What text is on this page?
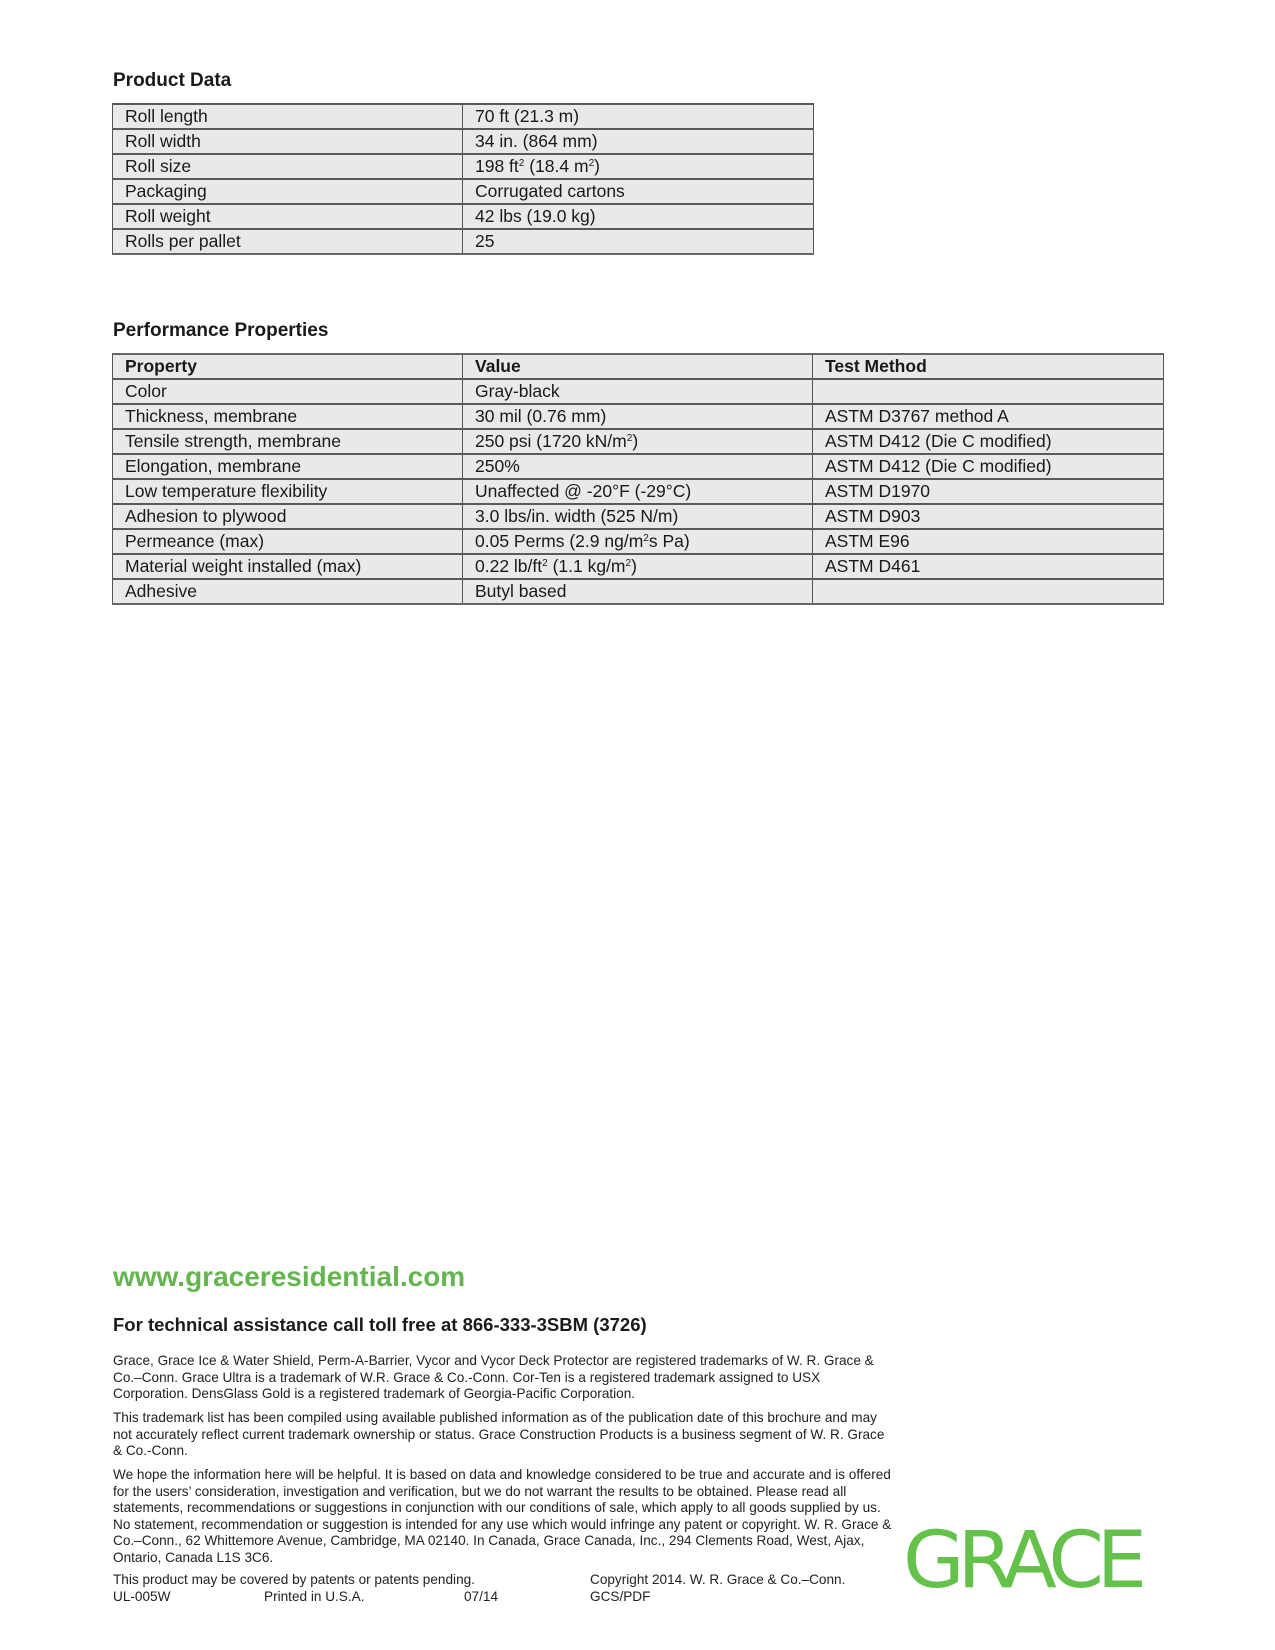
Product Data
Roll length	70 ft (21.3 m)
Roll width	34 in. (864 mm)
Roll size	198 $ft^2$ (18.4 $m^2$)
Packaging	Corrugated cartons
Roll weight	42 lbs (19.0 kg)
Rolls per pallet	25
Performance Properties
Property	Value	Test Method
Color	Gray-black	
Thickness, membrane	30 mil (0.76 mm)	ASTM D3767 method A
Tensile strength, membrane	250 psi (1720 $kN/m^2$)	ASTM D412 (Die C modified)
Elongation, membrane	250%	ASTM D412 (Die C modified)
Low temperature flexibility	Unaffected @ -20°F (-29°C)	ASTM D1970
Adhesion to plywood	3.0 lbs/in. width (525 N/m)	ASTM D903
Permeance (max)	0.05 Perms (2.9 $ng/m^2s$ Pa)	ASTM E96
Material weight installed (max)	0.22 $lb/ft^2$ (1.1 $kg/m^2$)	ASTM D461
Adhesive	Butyl based	

www.graceresidential.com

For technical assistance call toll free at 866-333-3SBM (3726)

Grace, Grace Ice & Water Shield, Perm-A-Barrier, Vycor and Vycor Deck Protector are registered trademarks of W. R. Grace & Co.–Conn. Grace Ultra is a trademark of W.R. Grace & Co.-Conn. Cor-Ten is a registered trademark assigned to USX Corporation. DensGlass Gold is a registered trademark of Georgia-Pacific Corporation.

This trademark list has been compiled using available published information as of the publication date of this brochure and may not accurately reflect current trademark ownership or status. Grace Construction Products is a business segment of W. R. Grace & Co.-Conn.

We hope the information here will be helpful. It is based on data and knowledge considered to be true and accurate and is offered for the users’ consideration, investigation and verification, but we do not warrant the results to be obtained. Please read all statements, recommendations or suggestions in conjunction with our conditions of sale, which apply to all goods supplied by us. No statement, recommendation or suggestion is intended for any use which would infringe any patent or copyright. W. R. Grace & Co.–Conn., 62 Whittemore Avenue, Cambridge, MA 02140. In Canada, Grace Canada, Inc., 294 Clements Road, West, Ajax, Ontario, Canada L1S 3C6.

This product may be covered by patents or patents pending.
UL-005W	Printed in U.S.A.	07/14
Copyright 2014. W. R. Grace & Co.–Conn.
GCS/PDF	GRACE
